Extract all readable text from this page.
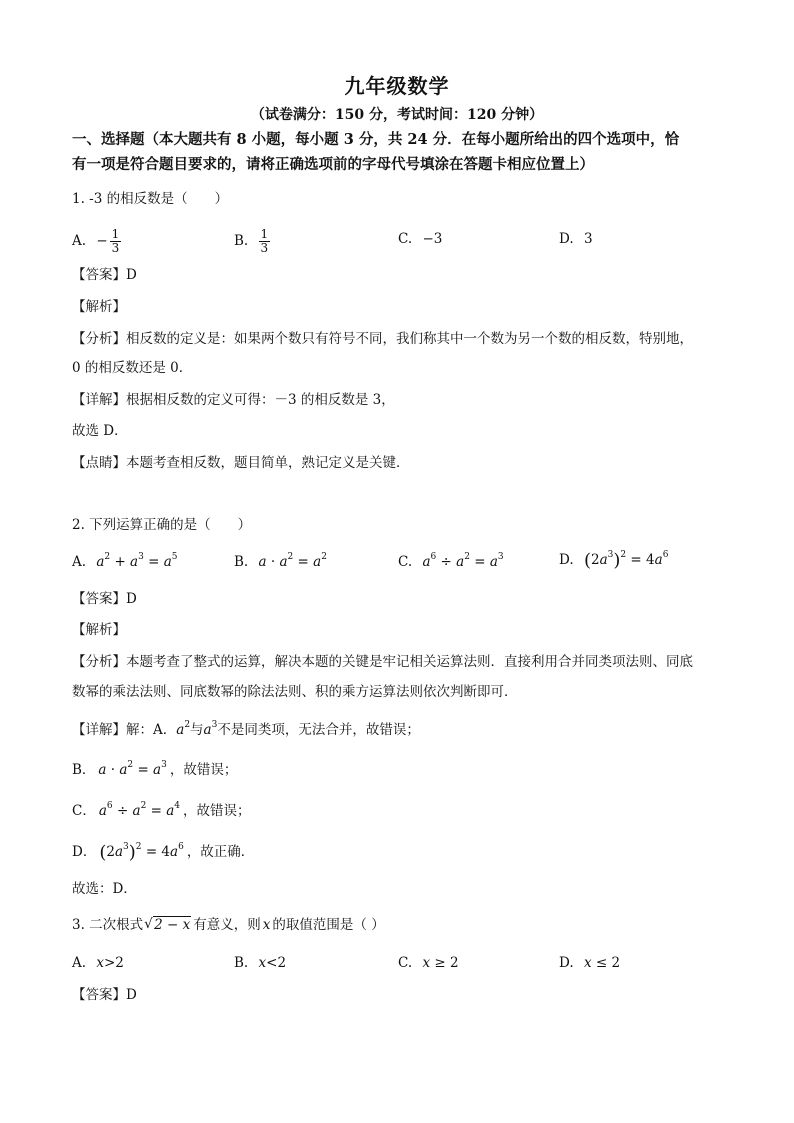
九年级数学
（试卷满分：150 分，考试时间：120 分钟）
一、选择题（本大题共有 8 小题，每小题 3 分，共 24 分．在每小题所给出的四个选项中，恰
有一项是符合题目要求的，请将正确选项前的字母代号填涂在答题卡相应位置上）
1. -3 的相反数是（　　）
A. − $\frac{1}{3}$	B. $\frac{1}{3}$	C. −3	D. 3
【答案】D
【解析】
【分析】相反数的定义是：如果两个数只有符号不同，我们称其中一个数为另一个数的相反数，特别地，
0 的相反数还是 0．
【详解】根据相反数的定义可得：－3 的相反数是 3，
故选 D．
【点睛】本题考查相反数，题目简单，熟记定义是关键．
2. 下列运算正确的是（　　）
A. $a^2 + a^3 = a^5$	B. $a \cdot a^2 = a^2$	C. $a^6 \div a^2 = a^3$	D. $(2a^3)^2 = 4a^6$
【答案】D
【解析】
【分析】本题考查了整式的运算，解决本题的关键是牢记相关运算法则．直接利用合并同类项法则、同底
数幂的乘法法则、同底数幂的除法法则、积的乘方运算法则依次判断即可．
【详解】解：A．$a^2$与$a^3$不是同类项，无法合并，故错误；
B． $a \cdot a^2 = a^3$ ，故错误；
C． $a^6 \div a^2 = a^4$ ，故错误；
D． $(2a^3)^2 = 4a^6$ ，故正确．
故选：D．
3. 二次根式√ 2 − x 有意义，则 x 的取值范围是（ ）
A. x>2	B. x<2	C. x ≥ 2	D. x ≤ 2
【答案】D
